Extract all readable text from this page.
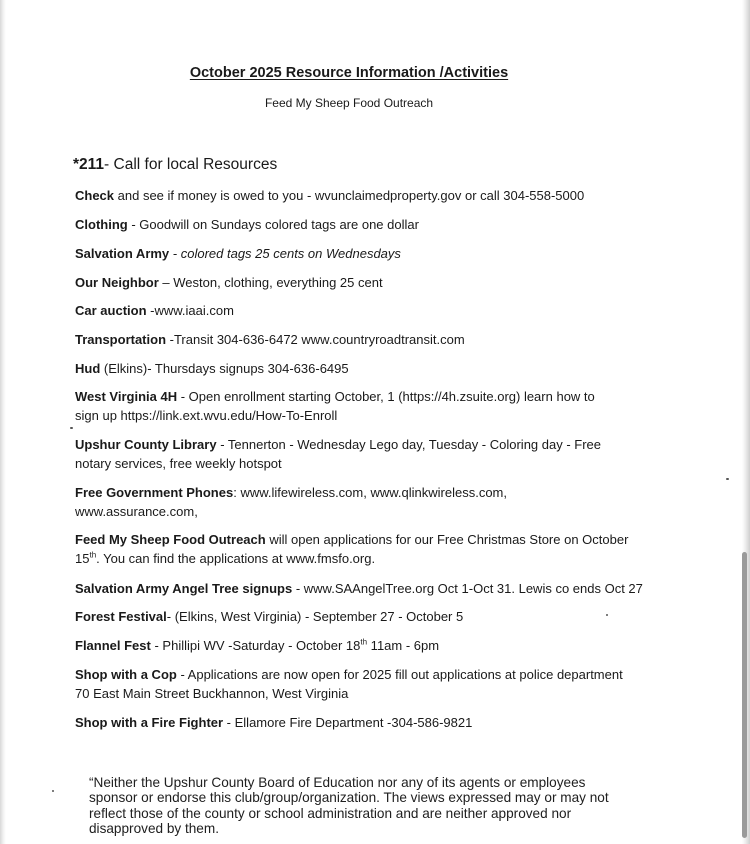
October 2025 Resource Information /Activities
Feed My Sheep Food Outreach
*211- Call for local Resources
Check and see if money is owed to you - wvunclaimedproperty.gov or call 304-558-5000
Clothing - Goodwill on Sundays colored tags are one dollar
Salvation Army - colored tags 25 cents on Wednesdays
Our Neighbor – Weston, clothing, everything 25 cent
Car auction -www.iaai.com
Transportation -Transit 304-636-6472 www.countryroadtransit.com
Hud (Elkins)- Thursdays signups 304-636-6495
West Virginia 4H - Open enrollment starting October, 1 (https://4h.zsuite.org) learn how to
sign up https://link.ext.wvu.edu/How-To-Enroll
Upshur County Library - Tennerton - Wednesday Lego day, Tuesday - Coloring day - Free
notary services, free weekly hotspot
Free Government Phones: www.lifewireless.com, www.qlinkwireless.com,
www.assurance.com,
Feed My Sheep Food Outreach will open applications for our Free Christmas Store on October
15th. You can find the applications at www.fmsfo.org.
Salvation Army Angel Tree signups - www.SAAngelTree.org Oct 1-Oct 31. Lewis co ends Oct 27
Forest Festival- (Elkins, West Virginia) - September 27 - October 5
Flannel Fest - Phillipi WV -Saturday - October 18th 11am - 6pm
Shop with a Cop - Applications are now open for 2025 fill out applications at police department
70 East Main Street Buckhannon, West Virginia
Shop with a Fire Fighter - Ellamore Fire Department -304-586-9821
“Neither the Upshur County Board of Education nor any of its agents or employees
sponsor or endorse this club/group/organization. The views expressed may or may not
reflect those of the county or school administration and are neither approved nor
disapproved by them.
